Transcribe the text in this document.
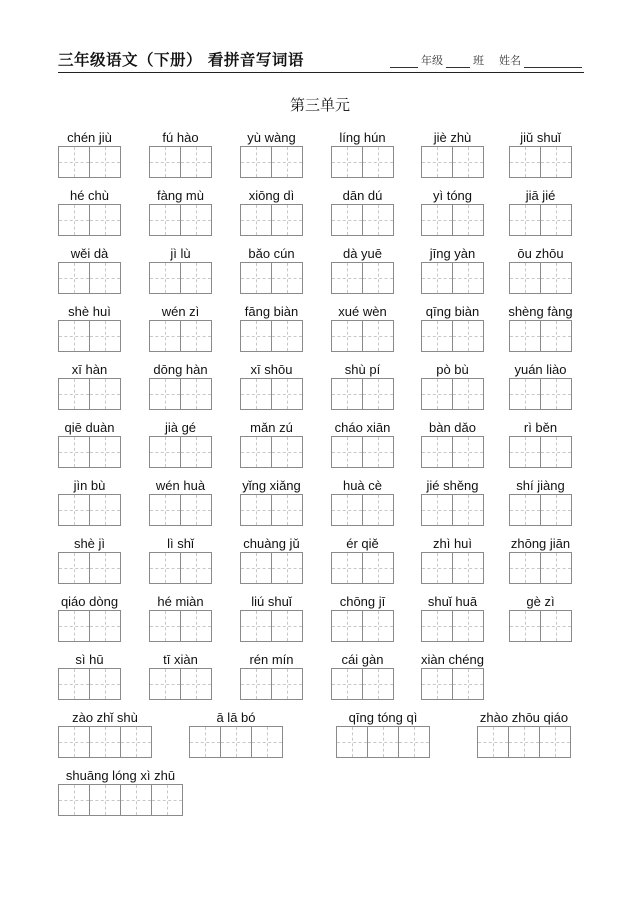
三年级语文（下册） 看拼音写词语	年级	班 姓名
第三单元
chén jiù	fú hào	yù wàng	líng hún	jiè zhù	jiǔ shuǐ
hé chù	fàng mù	xiōng dì	dān dú	yì tóng	jiā jié
wěi dà	jì lù	bǎo cún	dà yuē	jīng yàn	ōu zhōu
shè huì	wén zì	fāng biàn	xué wèn	qīng biàn	shèng fàng
xī hàn	dōng hàn	xī shōu	shù pí	pò bù	yuán liào
qiē duàn	jià gé	mǎn zú	cháo xiān	bàn dǎo	rì běn
jìn bù	wén huà	yǐng xiǎng	huà cè	jié shěng	shí jiàng
shè jì	lì shǐ	chuàng jǔ	ér qiě	zhì huì	zhōng jiān
qiáo dòng	hé miàn	liú shuǐ	chōng jī	shuǐ huā	gè zì
sì hū	tī xiàn	rén mín	cái gàn	xiàn chéng
zào zhǐ shù	ā lā bó	qīng tóng qì	zhào zhōu qiáo
shuāng lóng xì zhū
